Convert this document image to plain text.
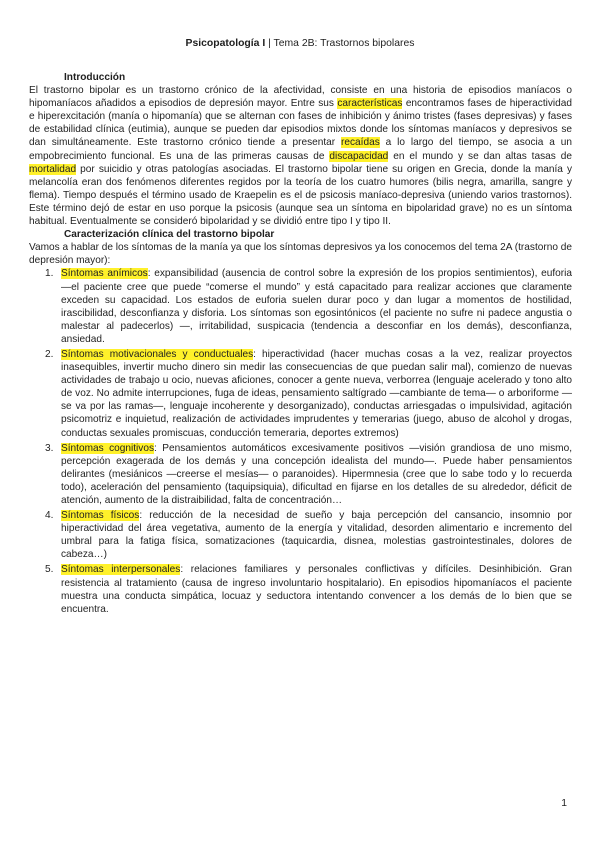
Psicopatología I | Tema 2B: Trastornos bipolares

Introducción

El trastorno bipolar es un trastorno crónico de la afectividad, consiste en una historia de episodios maníacos o hipomaníacos añadidos a episodios de depresión mayor. Entre sus características encontramos fases de hiperactividad e hiperexcitación (manía o hipomanía) que se alternan con fases de inhibición y ánimo tristes (fases depresivas) y fases de estabilidad clínica (eutimia), aunque se pueden dar episodios mixtos donde los síntomas maníacos y depresivos se dan simultáneamente. Este trastorno crónico tiende a presentar recaídas a lo largo del tiempo, se asocia a un empobrecimiento funcional. Es una de las primeras causas de discapacidad en el mundo y se dan altas tasas de mortalidad por suicidio y otras patologías asociadas. El trastorno bipolar tiene su origen en Grecia, donde la manía y melancolía eran dos fenómenos diferentes regidos por la teoría de los cuatro humores (bilis negra, amarilla, sangre y flema). Tiempo después el término usado de Kraepelin es el de psicosis maníaco-depresiva (uniendo varios trastornos). Este término dejó de estar en uso porque la psicosis (aunque sea un síntoma en bipolaridad grave) no es un síntoma habitual. Eventualmente se consideró bipolaridad y se dividió entre tipo I y tipo II.

Caracterización clínica del trastorno bipolar

Vamos a hablar de los síntomas de la manía ya que los síntomas depresivos ya los conocemos del tema 2A (trastorno de depresión mayor):

1. Síntomas anímicos: expansibilidad (ausencia de control sobre la expresión de los propios sentimientos), euforia —el paciente cree que puede “comerse el mundo” y está capacitado para realizar acciones que claramente exceden su capacidad. Los estados de euforia suelen durar poco y dan lugar a momentos de hostilidad, irascibilidad, desconfianza y disforia. Los síntomas son egosintónicos (el paciente no sufre ni padece angustia o malestar al padecerlos) —, irritabilidad, suspicacia (tendencia a desconfiar en los demás), desconfianza, ansiedad.
2. Síntomas motivacionales y conductuales: hiperactividad (hacer muchas cosas a la vez, realizar proyectos inasequibles, invertir mucho dinero sin medir las consecuencias de que puedan salir mal), comienzo de nuevas actividades de trabajo u ocio, nuevas aficiones, conocer a gente nueva, verborrea (lenguaje acelerado y tono alto de voz. No admite interrupciones, fuga de ideas, pensamiento saltígrado —cambiante de tema— o arboriforme —se va por las ramas—, lenguaje incoherente y desorganizado), conductas arriesgadas o impulsividad, agitación psicomotriz e inquietud, realización de actividades imprudentes y temerarias (juego, abuso de alcohol y drogas, conductas sexuales promiscuas, conducción temeraria, deportes extremos)
3. Síntomas cognitivos: Pensamientos automáticos excesivamente positivos —visión grandiosa de uno mismo, percepción exagerada de los demás y una concepción idealista del mundo—. Puede haber pensamientos delirantes (mesiánicos —creerse el mesías— o paranoides). Hipermnesia (cree que lo sabe todo y lo recuerda todo), aceleración del pensamiento (taquipsiquia), dificultad en fijarse en los detalles de su alrededor, déficit de atención, aumento de la distraibilidad, falta de concentración…
4. Síntomas físicos: reducción de la necesidad de sueño y baja percepción del cansancio, insomnio por hiperactividad del área vegetativa, aumento de la energía y vitalidad, desorden alimentario e incremento del umbral para la fatiga física, somatizaciones (taquicardia, disnea, molestias gastrointestinales, dolores de cabeza…)
5. Síntomas interpersonales: relaciones familiares y personales conflictivas y difíciles. Desinhibición. Gran resistencia al tratamiento (causa de ingreso involuntario hospitalario). En episodios hipomaníacos el paciente muestra una conducta simpática, locuaz y seductora intentando convencer a los demás de lo bien que se encuentra.
1
